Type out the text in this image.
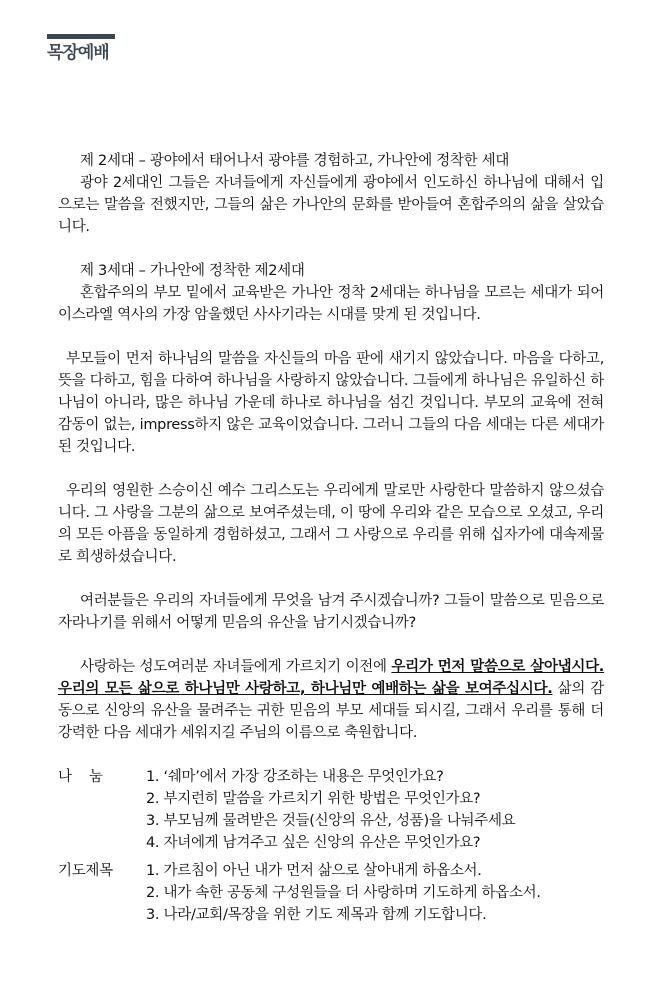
목장예배

제 2세대 – 광야에서 태어나서 광야를 경험하고, 가나안에 정착한 세대
광야 2세대인 그들은 자녀들에게 자신들에게 광야에서 인도하신 하나님에 대해서 입으로는 말씀을 전했지만, 그들의 삶은 가나안의 문화를 받아들여 혼합주의의 삶을 살았습니다.

제 3세대 – 가나안에 정착한 제2세대
혼합주의의 부모 밑에서 교육받은 가나안 정착 2세대는 하나님을 모르는 세대가 되어 이스라엘 역사의 가장 암울했던 사사기라는 시대를 맞게 된 것입니다.

부모들이 먼저 하나님의 말씀을 자신들의 마음 판에 새기지 않았습니다. 마음을 다하고, 뜻을 다하고, 힘을 다하여 하나님을 사랑하지 않았습니다. 그들에게 하나님은 유일하신 하나님이 아니라, 많은 하나님 가운데 하나로 하나님을 섬긴 것입니다. 부모의 교육에 전혀 감동이 없는, impress하지 않은 교육이었습니다. 그러니 그들의 다음 세대는 다른 세대가 된 것입니다.

우리의 영원한 스승이신 예수 그리스도는 우리에게 말로만 사랑한다 말씀하지 않으셨습니다. 그 사랑을 그분의 삶으로 보여주셨는데, 이 땅에 우리와 같은 모습으로 오셨고, 우리의 모든 아픔을 동일하게 경험하셨고, 그래서 그 사랑으로 우리를 위해 십자가에 대속제물로 희생하셨습니다.

여러분들은 우리의 자녀들에게 무엇을 남겨 주시겠습니까? 그들이 말씀으로 믿음으로 자라나기를 위해서 어떻게 믿음의 유산을 남기시겠습니까?

사랑하는 성도여러분 자녀들에게 가르치기 이전에 우리가 먼저 말씀으로 살아냅시다. 우리의 모든 삶으로 하나님만 사랑하고, 하나님만 예배하는 삶을 보여주십시다. 삶의 감동으로 신앙의 유산을 물려주는 귀한 믿음의 부모 세대들 되시길, 그래서 우리를 통해 더 강력한 다음 세대가 세워지길 주님의 이름으로 축원합니다.

나    눔	1. ‘쉐마’에서 가장 강조하는 내용은 무엇인가요?
2. 부지런히 말씀을 가르치기 위한 방법은 무엇인가요?
3. 부모님께 물려받은 것들(신앙의 유산, 성품)을 나눠주세요
4. 자녀에게 남겨주고 싶은 신앙의 유산은 무엇인가요?
기도제목	1. 가르침이 아닌 내가 먼저 삶으로 살아내게 하옵소서.
2. 내가 속한 공동체 구성원들을 더 사랑하며 기도하게 하옵소서.
3. 나라/교회/목장을 위한 기도 제목과 함께 기도합니다.
